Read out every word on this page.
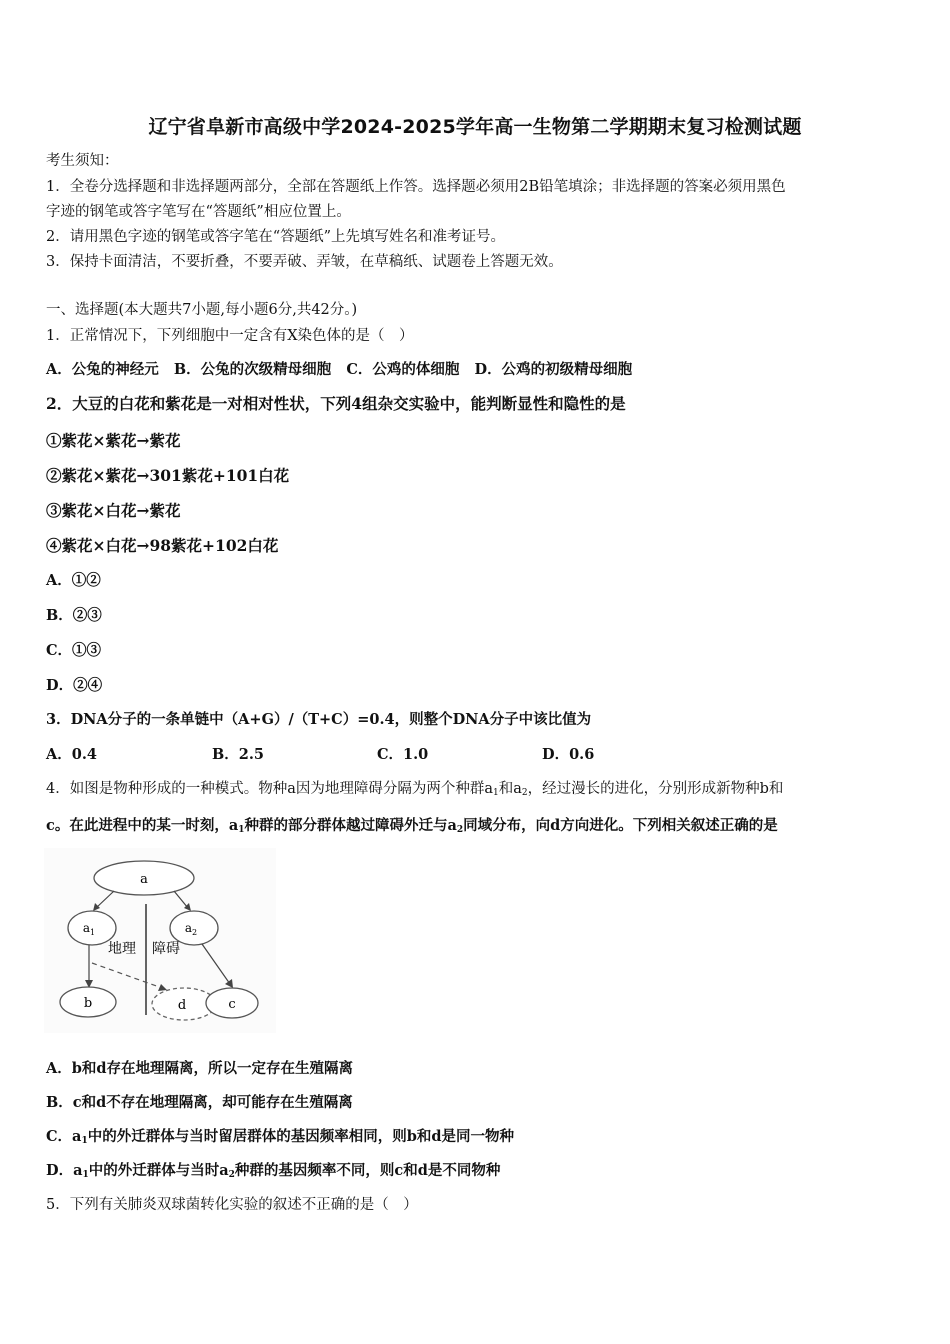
辽宁省阜新市高级中学2024-2025学年高一生物第二学期期末复习检测试题
考生须知：
1．全卷分选择题和非选择题两部分，全部在答题纸上作答。选择题必须用2B铅笔填涂；非选择题的答案必须用黑色
字迹的钢笔或答字笔写在“答题纸”相应位置上。
2．请用黑色字迹的钢笔或答字笔在“答题纸”上先填写姓名和准考证号。
3．保持卡面清洁，不要折叠，不要弄破、弄皱，在草稿纸、试题卷上答题无效。
一、选择题(本大题共7小题,每小题6分,共42分。)
1．正常情况下，下列细胞中一定含有X染色体的是（　）
A．公兔的神经元 B．公兔的次级精母细胞 C．公鸡的体细胞 D．公鸡的初级精母细胞
2．大豆的白花和紫花是一对相对性状，下列4组杂交实验中，能判断显性和隐性的是
①紫花×紫花→紫花
②紫花×紫花→301紫花+101白花
③紫花×白花→紫花
④紫花×白花→98紫花+102白花
A．①②
B．②③
C．①③
D．②④
3．DNA分子的一条单链中（A+G）/（T+C）=0.4，则整个DNA分子中该比值为
A．0.4	B．2.5	C．1.0	D．0.6
4．如图是物种形成的一种模式。物种a因为地理障碍分隔为两个种群$a_1$和$a_2$，经过漫长的进化，分别形成新物种b和
c。在此进程中的某一时刻，$a_1$种群的部分群体越过障碍外迁与$a_2$同域分布，向d方向进化。下列相关叙述正确的是
a
$a_1$	$a_2$
地理 障碍
b	d	c
A．b和d存在地理隔离，所以一定存在生殖隔离
B．c和d不存在地理隔离，却可能存在生殖隔离
C．$a_1$中的外迁群体与当时留居群体的基因频率相同，则b和d是同一物种
D．$a_1$中的外迁群体与当时$a_2$种群的基因频率不同，则c和d是不同物种
5．下列有关肺炎双球菌转化实验的叙述不正确的是（　）
